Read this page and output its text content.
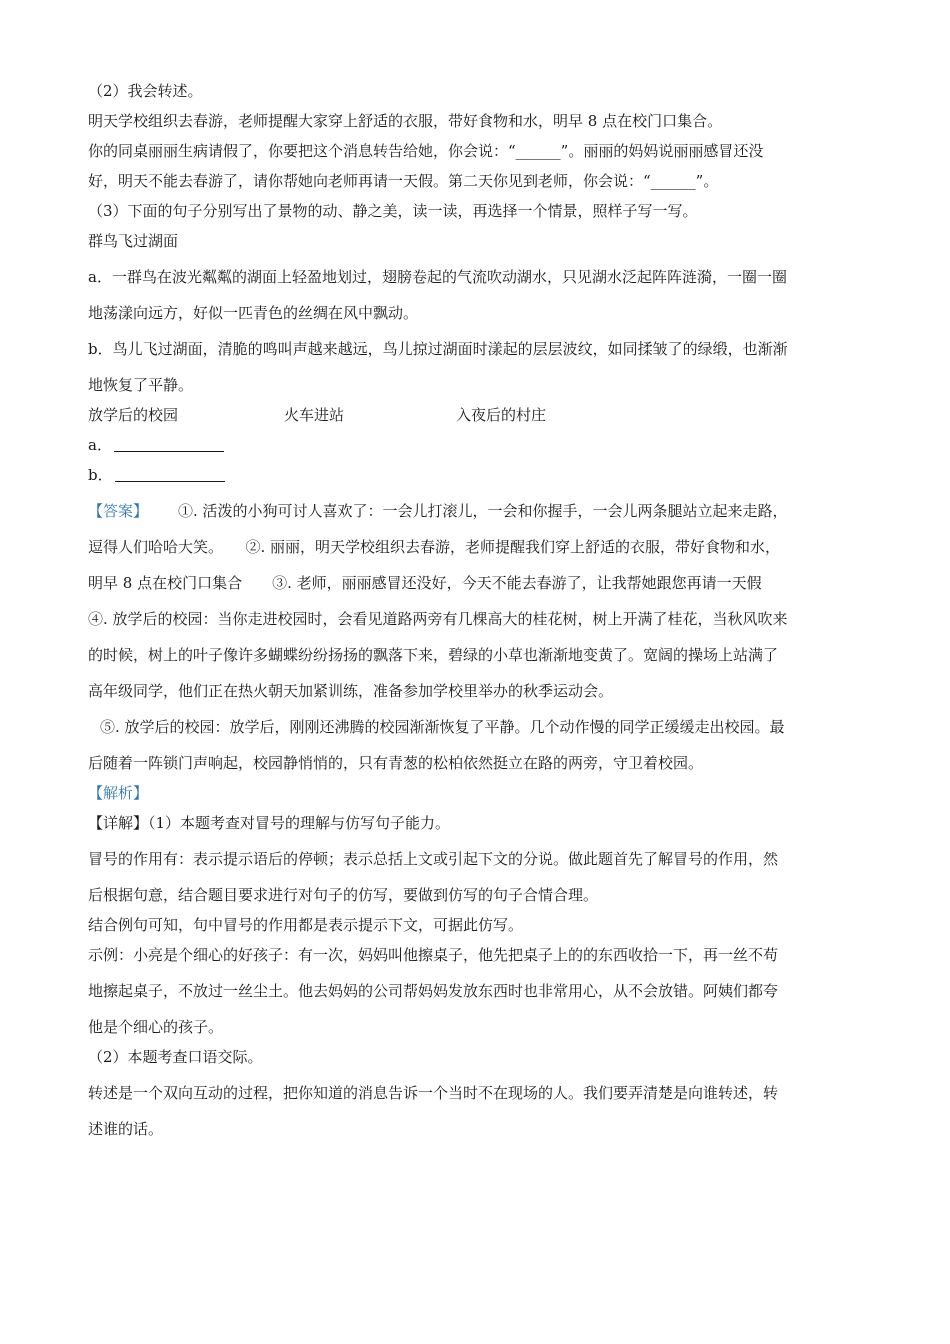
（2）我会转述。
明天学校组织去春游，老师提醒大家穿上舒适的衣服，带好食物和水，明早 8 点在校门口集合。
你的同桌丽丽生病请假了，你要把这个消息转告给她，你会说：“______”。丽丽的妈妈说丽丽感冒还没
好，明天不能去春游了，请你帮她向老师再请一天假。第二天你见到老师，你会说：“______”。
（3）下面的句子分别写出了景物的动、静之美，读一读，再选择一个情景，照样子写一写。
群鸟飞过湖面
a．一群鸟在波光粼粼的湖面上轻盈地划过，翅膀卷起的气流吹动湖水，只见湖水泛起阵阵涟漪，一圈一圈
地荡漾向远方，好似一匹青色的丝绸在风中飘动。
b．鸟儿飞过湖面，清脆的鸣叫声越来越远，鸟儿掠过湖面时漾起的层层波纹，如同揉皱了的绿缎，也渐渐
地恢复了平静。
放学后的校园	火车进站	入夜后的村庄
a．
b．
【答案】 ①. 活泼的小狗可讨人喜欢了：一会儿打滚儿，一会和你握手，一会儿两条腿站立起来走路，
逗得人们哈哈大笑。　　②. 丽丽，明天学校组织去春游，老师提醒我们穿上舒适的衣服，带好食物和水，
明早 8 点在校门口集合　　③. 老师，丽丽感冒还没好，今天不能去春游了，让我帮她跟您再请一天假
④. 放学后的校园：当你走进校园时，会看见道路两旁有几棵高大的桂花树，树上开满了桂花，当秋风吹来
的时候，树上的叶子像许多蝴蝶纷纷扬扬的飘落下来，碧绿的小草也渐渐地变黄了。宽阔的操场上站满了
高年级同学，他们正在热火朝天加紧训练，准备参加学校里举办的秋季运动会。
⑤. 放学后的校园：放学后，刚刚还沸腾的校园渐渐恢复了平静。几个动作慢的同学正缓缓走出校园。最
后随着一阵锁门声响起，校园静悄悄的，只有青葱的松柏依然挺立在路的两旁，守卫着校园。
【解析】
【详解】（1）本题考查对冒号的理解与仿写句子能力。
冒号的作用有：表示提示语后的停顿；表示总括上文或引起下文的分说。做此题首先了解冒号的作用，然
后根据句意，结合题目要求进行对句子的仿写，要做到仿写的句子合情合理。
结合例句可知，句中冒号的作用都是表示提示下文，可据此仿写。
示例：小亮是个细心的好孩子：有一次，妈妈叫他擦桌子，他先把桌子上的的东西收拾一下，再一丝不苟
地擦起桌子，不放过一丝尘土。他去妈妈的公司帮妈妈发放东西时也非常用心，从不会放错。阿姨们都夸
他是个细心的孩子。
（2）本题考查口语交际。
转述是一个双向互动的过程，把你知道的消息告诉一个当时不在现场的人。我们要弄清楚是向谁转述，转
述谁的话。
